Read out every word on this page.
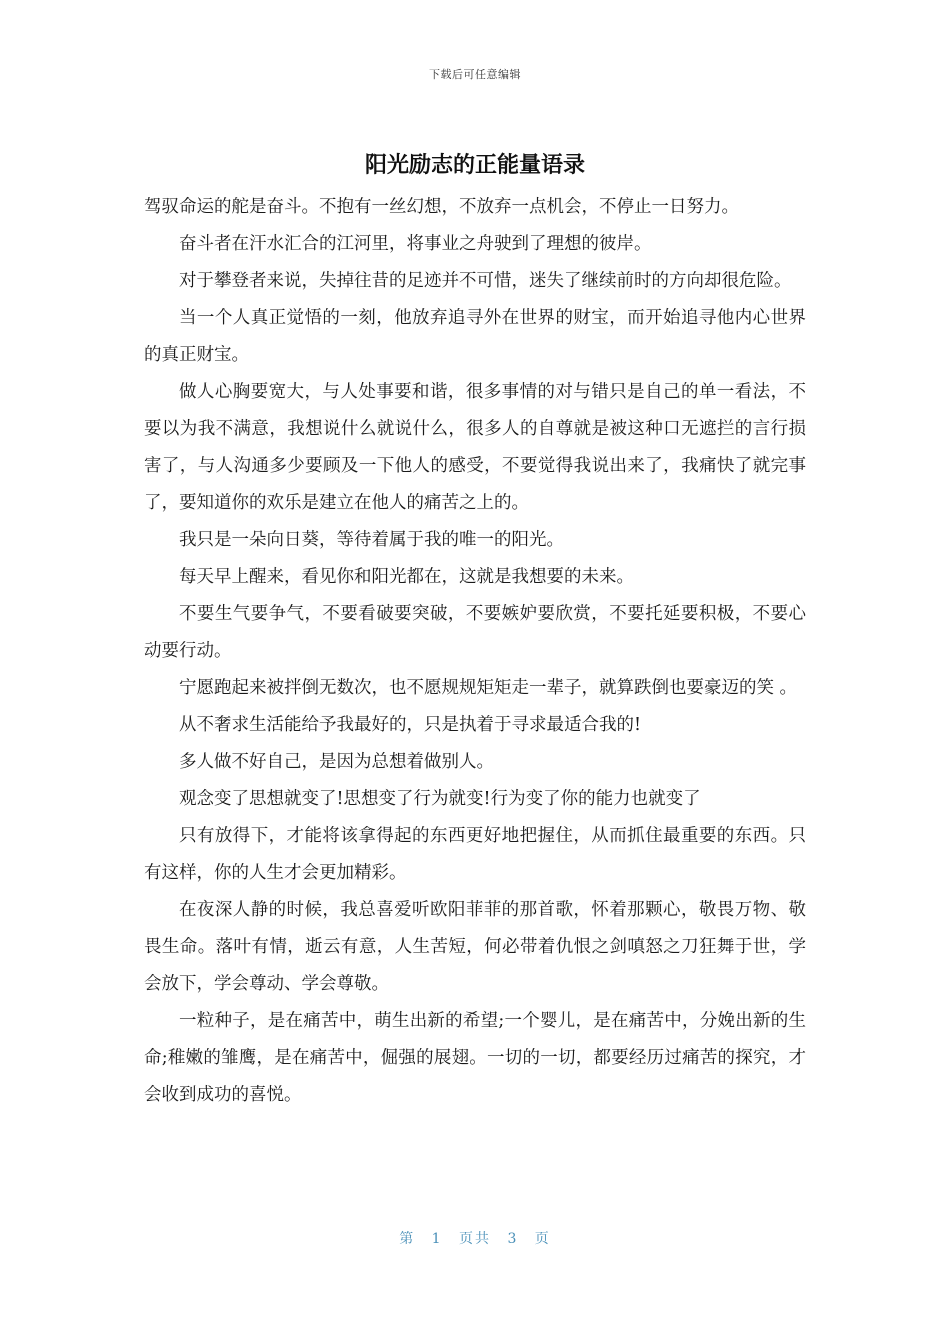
下载后可任意编辑
阳光励志的正能量语录

驾驭命运的舵是奋斗。不抱有一丝幻想，不放弃一点机会，不停止一日努力。

奋斗者在汗水汇合的江河里，将事业之舟驶到了理想的彼岸。

对于攀登者来说，失掉往昔的足迹并不可惜，迷失了继续前时的方向却很危险。

当一个人真正觉悟的一刻，他放弃追寻外在世界的财宝，而开始追寻他内心世界的真正财宝。

做人心胸要宽大，与人处事要和谐，很多事情的对与错只是自己的单一看法，不要以为我不满意，我想说什么就说什么，很多人的自尊就是被这种口无遮拦的言行损害了，与人沟通多少要顾及一下他人的感受，不要觉得我说出来了，我痛快了就完事了，要知道你的欢乐是建立在他人的痛苦之上的。

我只是一朵向日葵，等待着属于我的唯一的阳光。

每天早上醒来，看见你和阳光都在，这就是我想要的未来。

不要生气要争气，不要看破要突破，不要嫉妒要欣赏，不要托延要积极，不要心动要行动。

宁愿跑起来被拌倒无数次，也不愿规规矩矩走一辈子，就算跌倒也要豪迈的笑 。

从不奢求生活能给予我最好的，只是执着于寻求最适合我的!

多人做不好自己，是因为总想着做别人。

观念变了思想就变了!思想变了行为就变!行为变了你的能力也就变了

只有放得下，才能将该拿得起的东西更好地把握住，从而抓住最重要的东西。只有这样，你的人生才会更加精彩。

在夜深人静的时候，我总喜爱听欧阳菲菲的那首歌，怀着那颗心，敬畏万物、敬畏生命。落叶有情，逝云有意，人生苦短，何必带着仇恨之剑嗔怒之刀狂舞于世，学会放下，学会尊动、学会尊敬。

一粒种子，是在痛苦中，萌生出新的希望;一个婴儿，是在痛苦中，分娩出新的生命;稚嫩的雏鹰，是在痛苦中，倔强的展翅。一切的一切，都要经历过痛苦的探究，才会收到成功的喜悦。

第 1 页共 3 页
